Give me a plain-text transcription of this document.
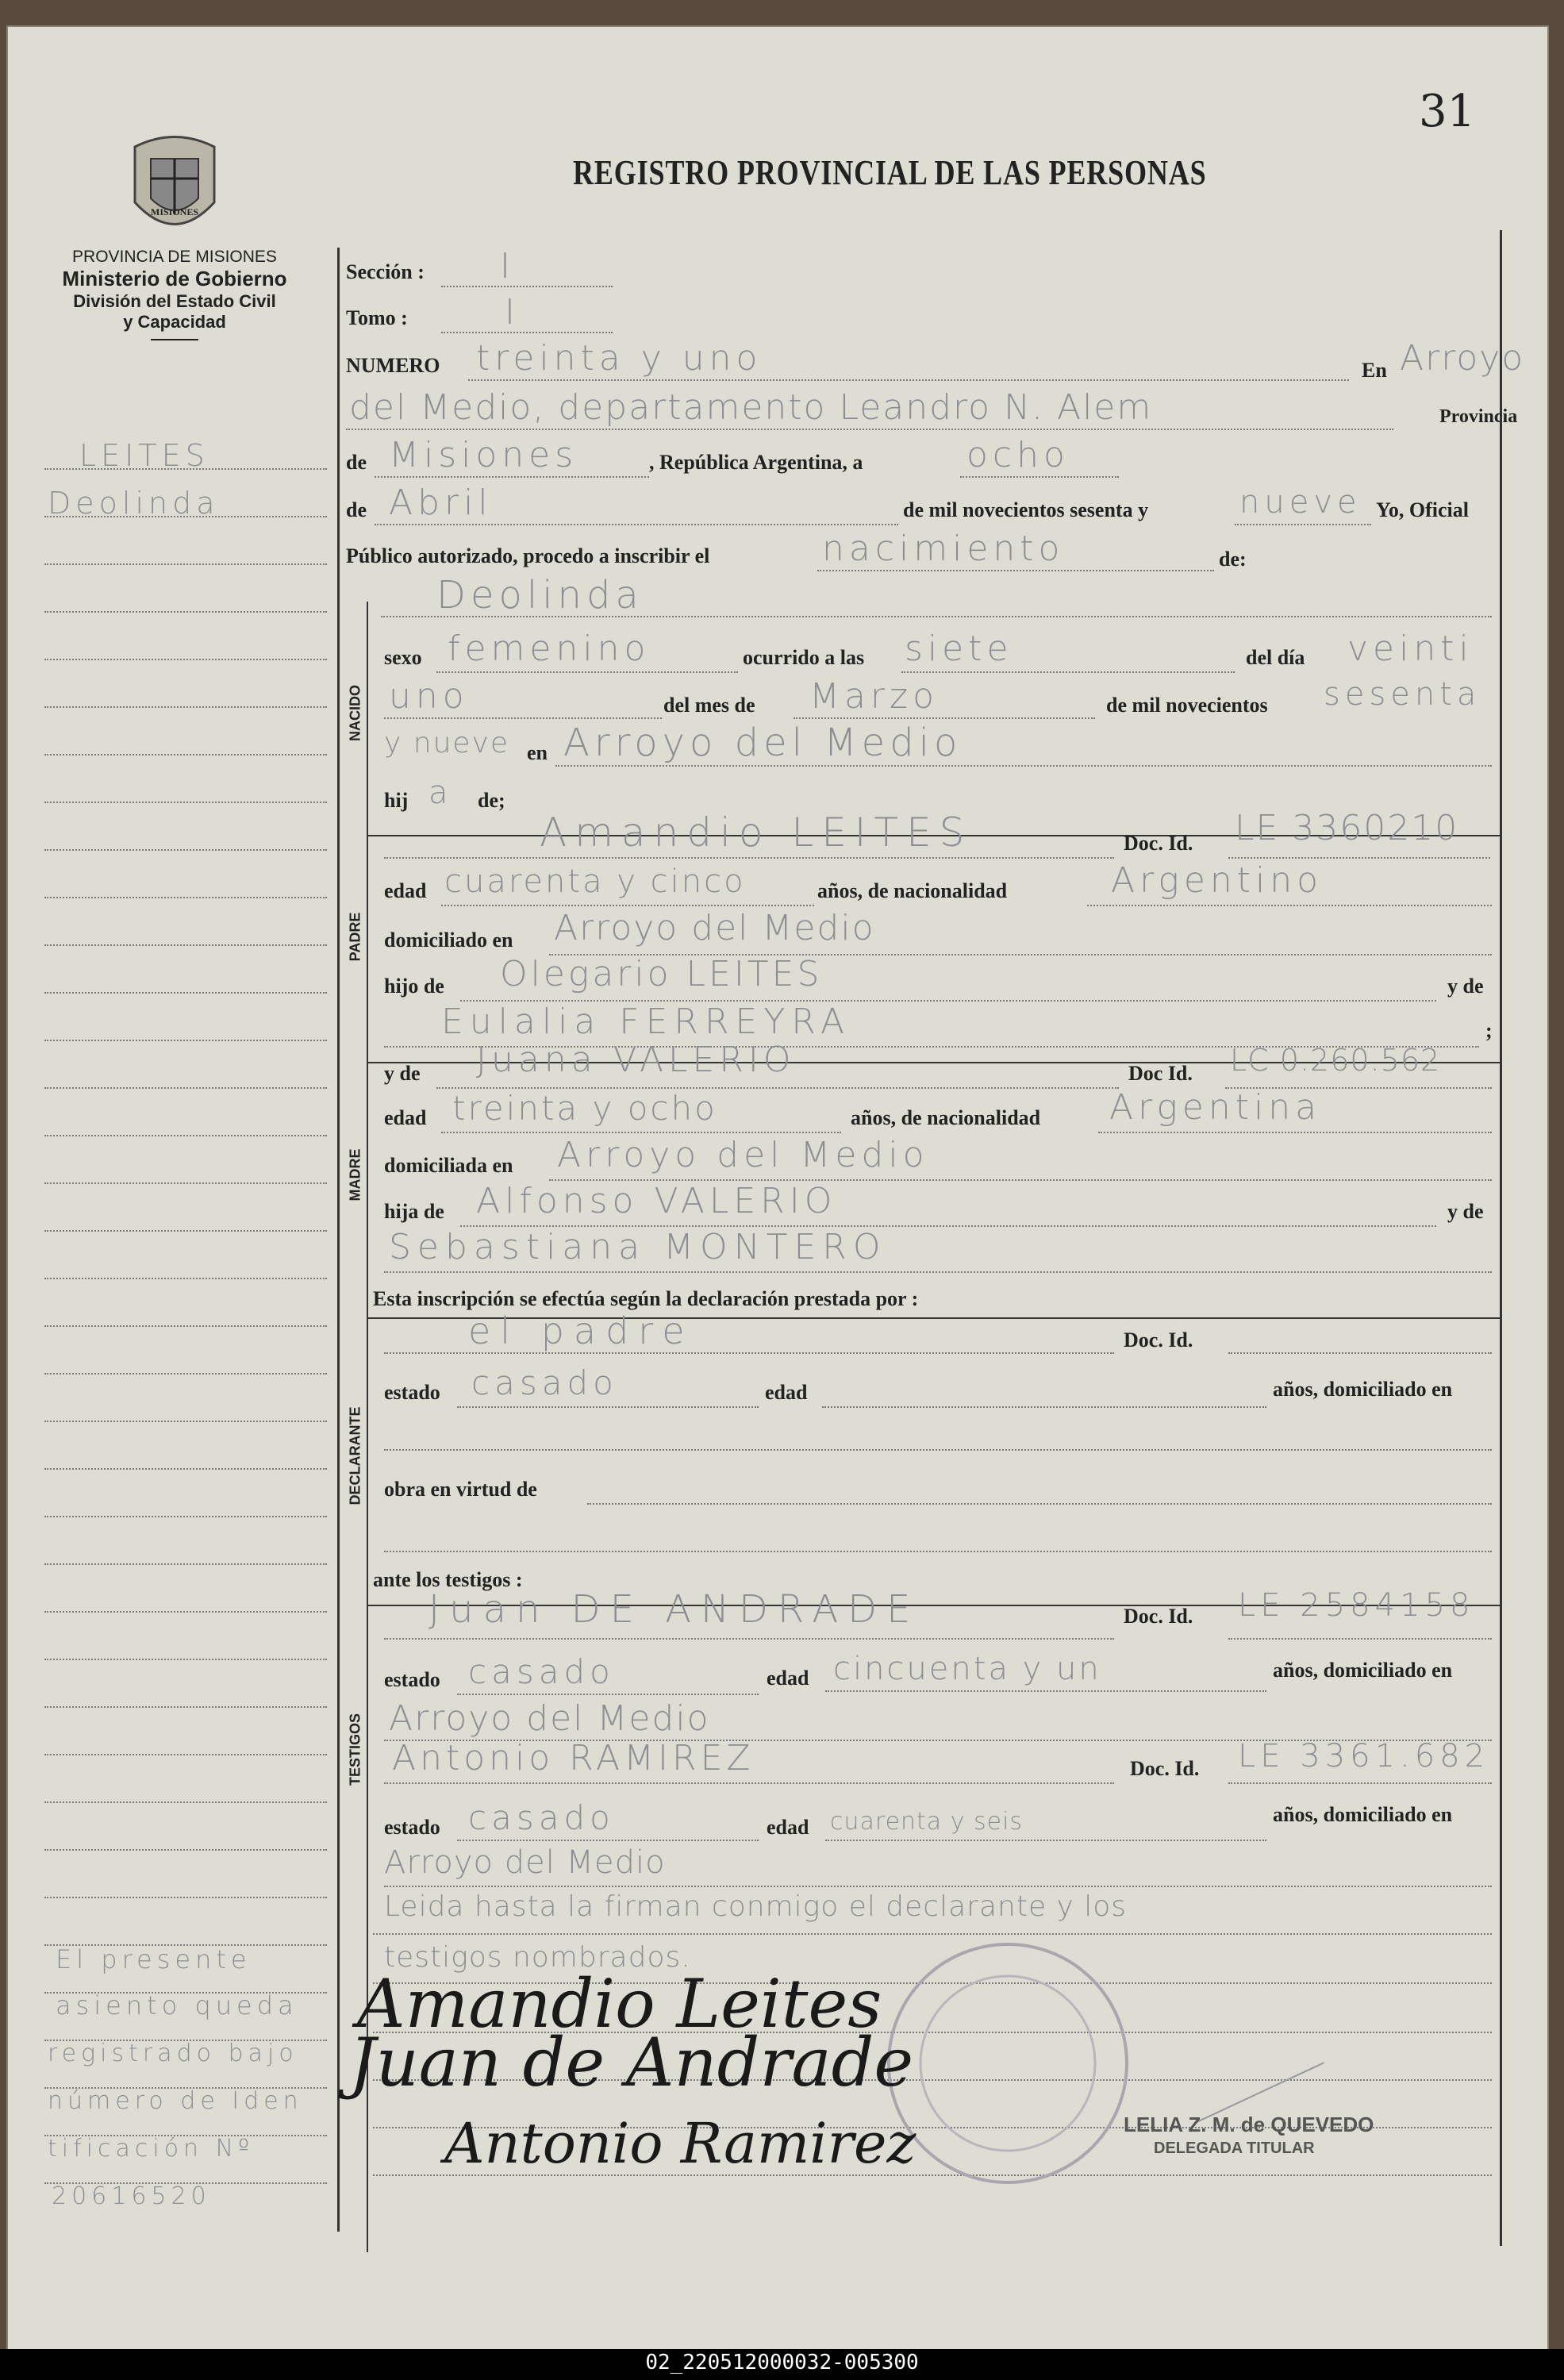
31
REGISTRO PROVINCIAL DE LAS PERSONAS
MISIONES
PROVINCIA DE MISIONES
Ministerio de Gobierno
División del Estado Civil
y Capacidad
LEITES
Deolinda
El presente
asiento queda
registrado bajo
número de Iden
tificación Nº
20616520
Sección : I
Tomo :	I
NUMERO treinta y uno	En Arroyo
del Medio, departamento Leandro N. Alem	Provincia
de Misiones	, República Argentina, a	ocho
de Abril	de mil novecientos sesenta y	nueve Yo, Oficial
Público autorizado, procedo a inscribir el	nacimiento	de:
NACIDO
Deolinda
sexo femenino	ocurrido a las siete	del día veinti
uno	del mes de Marzo	de mil novecientos sesenta
y nueve en Arroyo del Medio
hij a de;
PADRE
Amandio LEITES	Doc. Id. LE 3360210
edad cuarenta y cinco	años, de nacionalidad	Argentino
domiciliado en Arroyo del Medio
hijo de Olegario LEITES	y de
Eulalia FERREYRA	;
MADRE
y de Juana VALERIO	Doc Id. LC 0.260.562
edad treinta y ocho	años, de nacionalidad Argentina
domiciliada en Arroyo del Medio
hija de Alfonso VALERIO	y de
Sebastiana MONTERO
Esta inscripción se efectúa según la declaración prestada por :
DECLARANTE
el padre	Doc. Id.
estado casado	edad	años, domiciliado en
obra en virtud de
ante los testigos :
TESTIGOS
Juan DE ANDRADE	Doc. Id. LE 2584158
estado casado	edad cincuenta y un	años, domiciliado en
Arroyo del Medio
Antonio RAMIREZ	Doc. Id. LE 3361.682
estado casado	edad cuarenta y seis	años, domiciliado en
Arroyo del Medio
Leida hasta la firman conmigo el declarante y los
testigos nombrados.
Amandio Leites
Juan de Andrade
Antonio Ramirez	LELIA Z. M. de QUEVEDO
DELEGADA TITULAR
02_220512000032-005300
